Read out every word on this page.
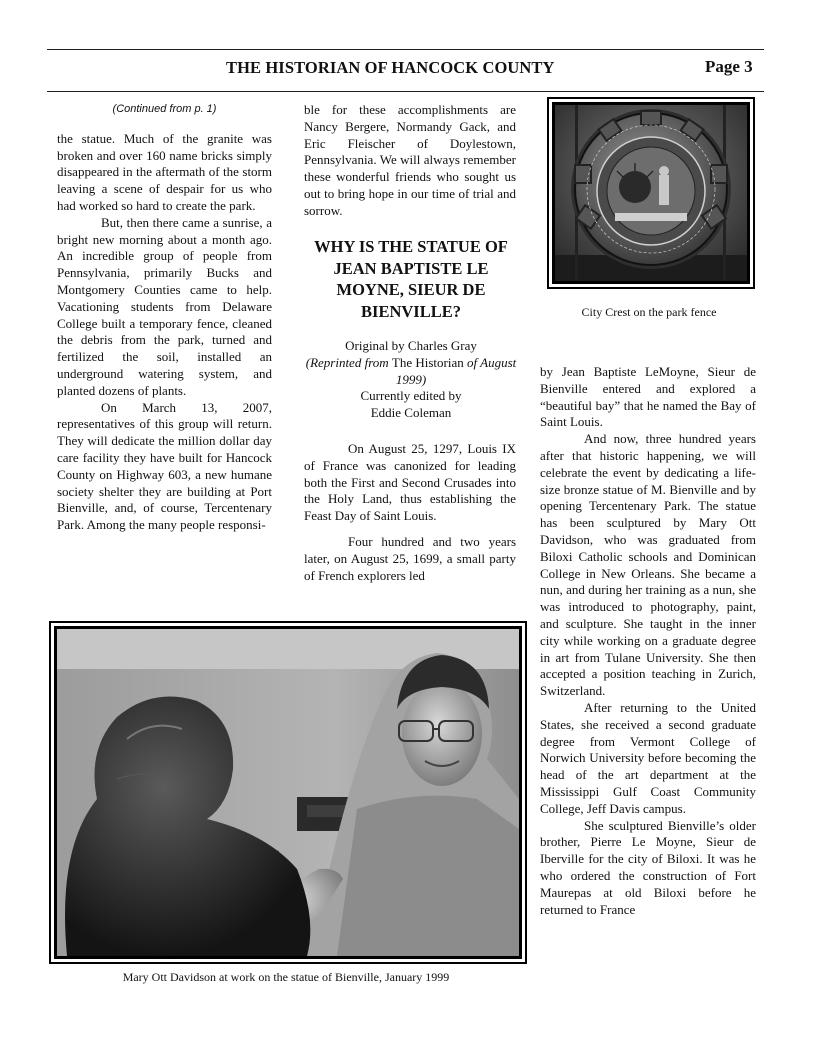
THE HISTORIAN OF HANCOCK COUNTY	Page 3

(Continued from p. 1)

the statue. Much of the granite was broken and over 160 name bricks simply disappeared in the aftermath of the storm leaving a scene of despair for us who had worked so hard to create the park.

But, then there came a sunrise, a bright new morning about a month ago. An incredible group of people from Pennsylvania, primarily Bucks and Montgomery Counties came to help. Vacationing students from Delaware College built a temporary fence, cleaned the debris from the park, turned and fertilized the soil, installed an underground watering system, and planted dozens of plants.

On March 13, 2007, representatives of this group will return. They will dedicate the million dollar day care facility they have built for Hancock County on Highway 603, a new humane society shelter they are building at Port Bienville, and, of course, Tercentenary Park. Among the many people responsi-

ble for these accomplishments are Nancy Bergere, Normandy Gack, and Eric Fleischer of Doylestown, Pennsylvania. We will always remember these wonderful friends who sought us out to bring hope in our time of trial and sorrow.

WHY IS THE STATUE OF JEAN BAPTISTE LE MOYNE, SIEUR DE BIENVILLE?

Original by Charles Gray

(Reprinted from The Historian of August 1999)

Currently edited by

Eddie Coleman

On August 25, 1297, Louis IX of France was canonized for leading both the First and Second Crusades into the Holy Land, thus establishing the Feast Day of Saint Louis.

Four hundred and two years later, on August 25, 1699, a small party of French explorers led

City Crest on the park fence

by Jean Baptiste LeMoyne, Sieur de Bienville entered and explored a “beautiful bay” that he named the Bay of Saint Louis.

And now, three hundred years after that historic happening, we will celebrate the event by dedicating a life-size bronze statue of M. Bienville and by opening Tercentenary Park. The statue has been sculptured by Mary Ott Davidson, who was graduated from Biloxi Catholic schools and Dominican College in New Orleans. She became a nun, and during her training as a nun, she was introduced to photography, paint, and sculpture. She taught in the inner city while working on a graduate degree in art from Tulane University. She then accepted a position teaching in Zurich, Switzerland.

After returning to the United States, she received a second graduate degree from Vermont College of Norwich University before becoming the head of the art department at the Mississippi Gulf Coast Community College, Jeff Davis campus.

She sculptured Bienville’s older brother, Pierre Le Moyne, Sieur de Iberville for the city of Biloxi. It was he who ordered the construction of Fort Maurepas at old Biloxi before he returned to France

Mary Ott Davidson at work on the statue of Bienville, January 1999
